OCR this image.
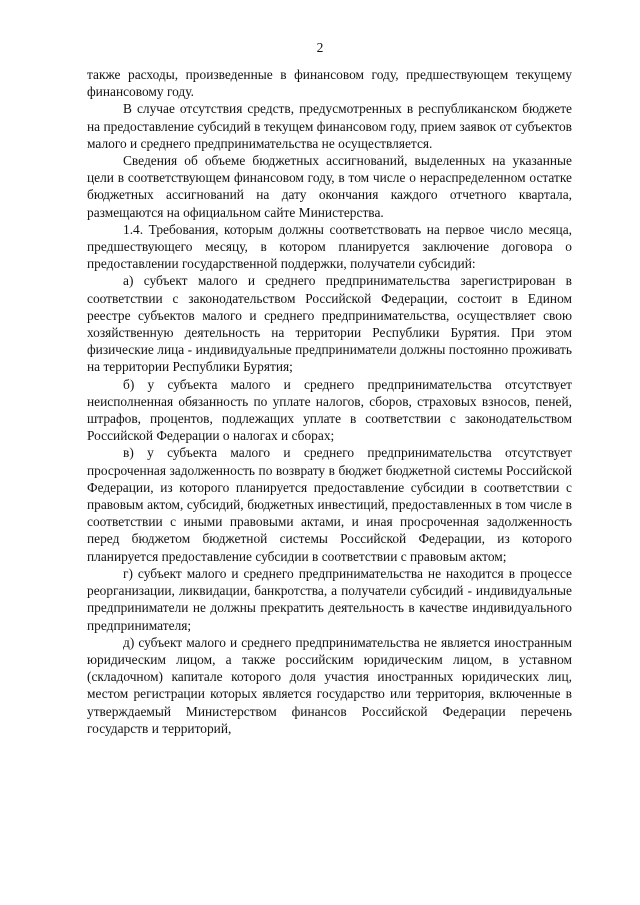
2

также расходы, произведенные в финансовом году, предшествующем текущему финансовому году.

В случае отсутствия средств, предусмотренных в республиканском бюджете на предоставление субсидий в текущем финансовом году, прием заявок от субъектов малого и среднего предпринимательства не осуществляется.

Сведения об объеме бюджетных ассигнований, выделенных на указанные цели в соответствующем финансовом году, в том числе о нераспределенном остатке бюджетных ассигнований на дату окончания каждого отчетного квартала, размещаются на официальном сайте Министерства.

1.4. Требования, которым должны соответствовать на первое число месяца, предшествующего месяцу, в котором планируется заключение договора о предоставлении государственной поддержки, получатели субсидий:

а) субъект малого и среднего предпринимательства зарегистрирован в соответствии с законодательством Российской Федерации, состоит в Едином реестре субъектов малого и среднего предпринимательства, осуществляет свою хозяйственную деятельность на территории Республики Бурятия. При этом физические лица - индивидуальные предприниматели должны постоянно проживать на территории Республики Бурятия;

б) у субъекта малого и среднего предпринимательства отсутствует неисполненная обязанность по уплате налогов, сборов, страховых взносов, пеней, штрафов, процентов, подлежащих уплате в соответствии с законодательством Российской Федерации о налогах и сборах;

в) у субъекта малого и среднего предпринимательства отсутствует просроченная задолженность по возврату в бюджет бюджетной системы Российской Федерации, из которого планируется предоставление субсидии в соответствии с правовым актом, субсидий, бюджетных инвестиций, предоставленных в том числе в соответствии с иными правовыми актами, и иная просроченная задолженность перед бюджетом бюджетной системы Российской Федерации, из которого планируется предоставление субсидии в соответствии с правовым актом;

г) субъект малого и среднего предпринимательства не находится в процессе реорганизации, ликвидации, банкротства, а получатели субсидий - индивидуальные предприниматели не должны прекратить деятельность в качестве индивидуального предпринимателя;

д) субъект малого и среднего предпринимательства не является иностранным юридическим лицом, а также российским юридическим лицом, в уставном (складочном) капитале которого доля участия иностранных юридических лиц, местом регистрации которых является государство или территория, включенные в утверждаемый Министерством финансов Российской Федерации перечень государств и территорий,
